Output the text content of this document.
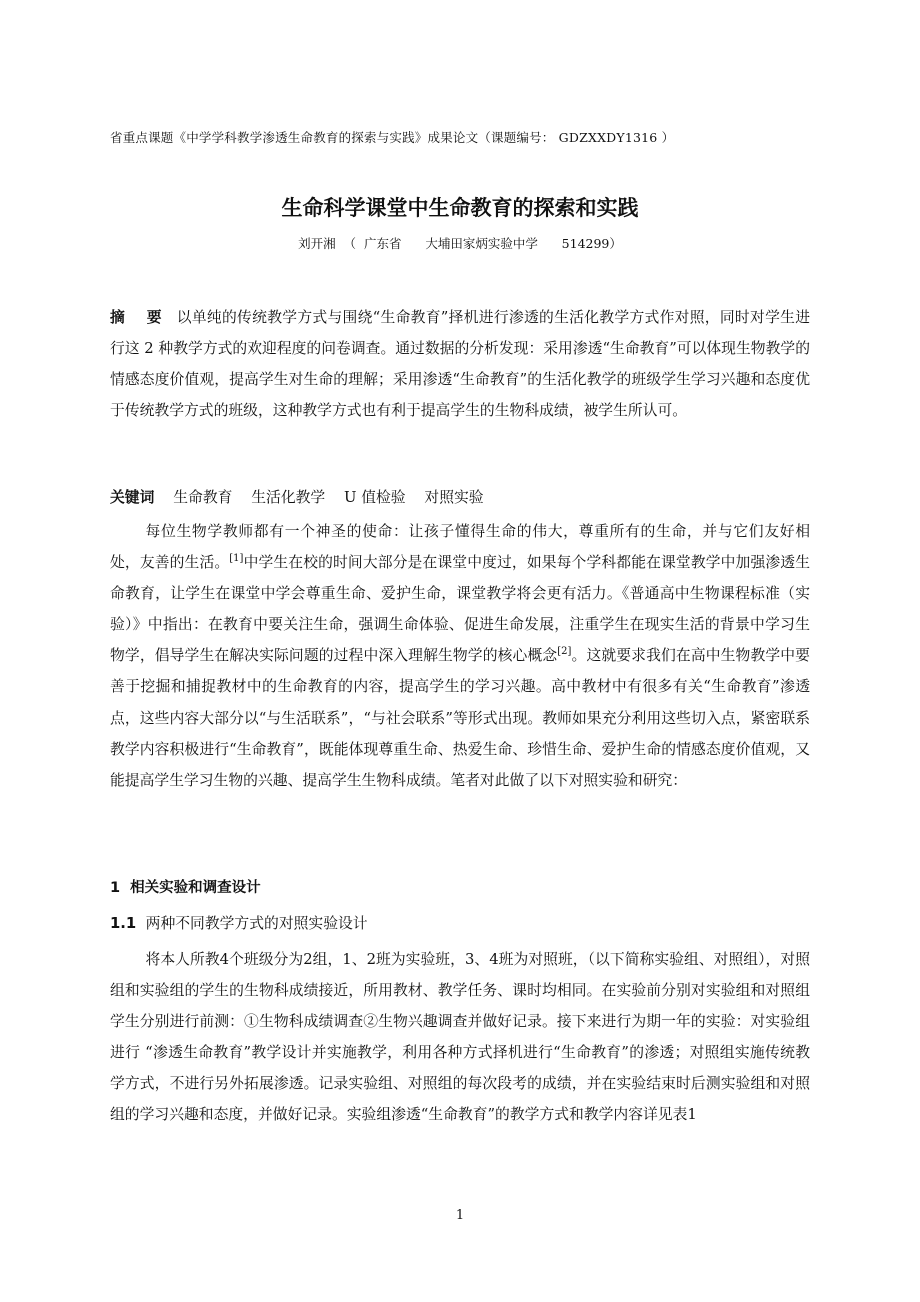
省重点课题《中学学科教学渗透生命教育的探索与实践》成果论文（课题编号： GDZXXDY1316 ）
生命科学课堂中生命教育的探索和实践
刘开湘  （  广东省      大埔田家炳实验中学      514299）
摘    要 以单纯的传统教学方式与围绕“生命教育”择机进行渗透的生活化教学方式作对照，同时对学生进行这 2 种教学方式的欢迎程度的问卷调查。通过数据的分析发现：采用渗透“生命教育”可以体现生物教学的情感态度价值观，提高学生对生命的理解；采用渗透“生命教育”的生活化教学的班级学生学习兴趣和态度优于传统教学方式的班级，这种教学方式也有利于提高学生的生物科成绩，被学生所认可。
关键词 生命教育    生活化教学    U 值检验    对照实验
每位生物学教师都有一个神圣的使命：让孩子懂得生命的伟大，尊重所有的生命，并与它们友好相处，友善的生活。[1]中学生在校的时间大部分是在课堂中度过，如果每个学科都能在课堂教学中加强渗透生命教育，让学生在课堂中学会尊重生命、爱护生命，课堂教学将会更有活力。《普通高中生物课程标准（实验）》中指出：在教育中要关注生命，强调生命体验、促进生命发展，注重学生在现实生活的背景中学习生物学，倡导学生在解决实际问题的过程中深入理解生物学的核心概念[2]。这就要求我们在高中生物教学中要善于挖掘和捕捉教材中的生命教育的内容，提高学生的学习兴趣。高中教材中有很多有关“生命教育”渗透点，这些内容大部分以“与生活联系”，“与社会联系”等形式出现。教师如果充分利用这些切入点，紧密联系教学内容积极进行“生命教育”，既能体现尊重生命、热爱生命、珍惜生命、爱护生命的情感态度价值观，又能提高学生学习生物的兴趣、提高学生生物科成绩。笔者对此做了以下对照实验和研究：
1  相关实验和调查设计
1.1 两种不同教学方式的对照实验设计
将本人所教4个班级分为2组，1、2班为实验班，3、4班为对照班，（以下简称实验组、对照组），对照组和实验组的学生的生物科成绩接近，所用教材、教学任务、课时均相同。在实验前分别对实验组和对照组学生分别进行前测：①生物科成绩调查②生物兴趣调查并做好记录。接下来进行为期一年的实验：对实验组进行 “渗透生命教育”教学设计并实施教学，利用各种方式择机进行“生命教育”的渗透；对照组实施传统教学方式，不进行另外拓展渗透。记录实验组、对照组的每次段考的成绩，并在实验结束时后测实验组和对照组的学习兴趣和态度，并做好记录。实验组渗透“生命教育”的教学方式和教学内容详见表1
1
